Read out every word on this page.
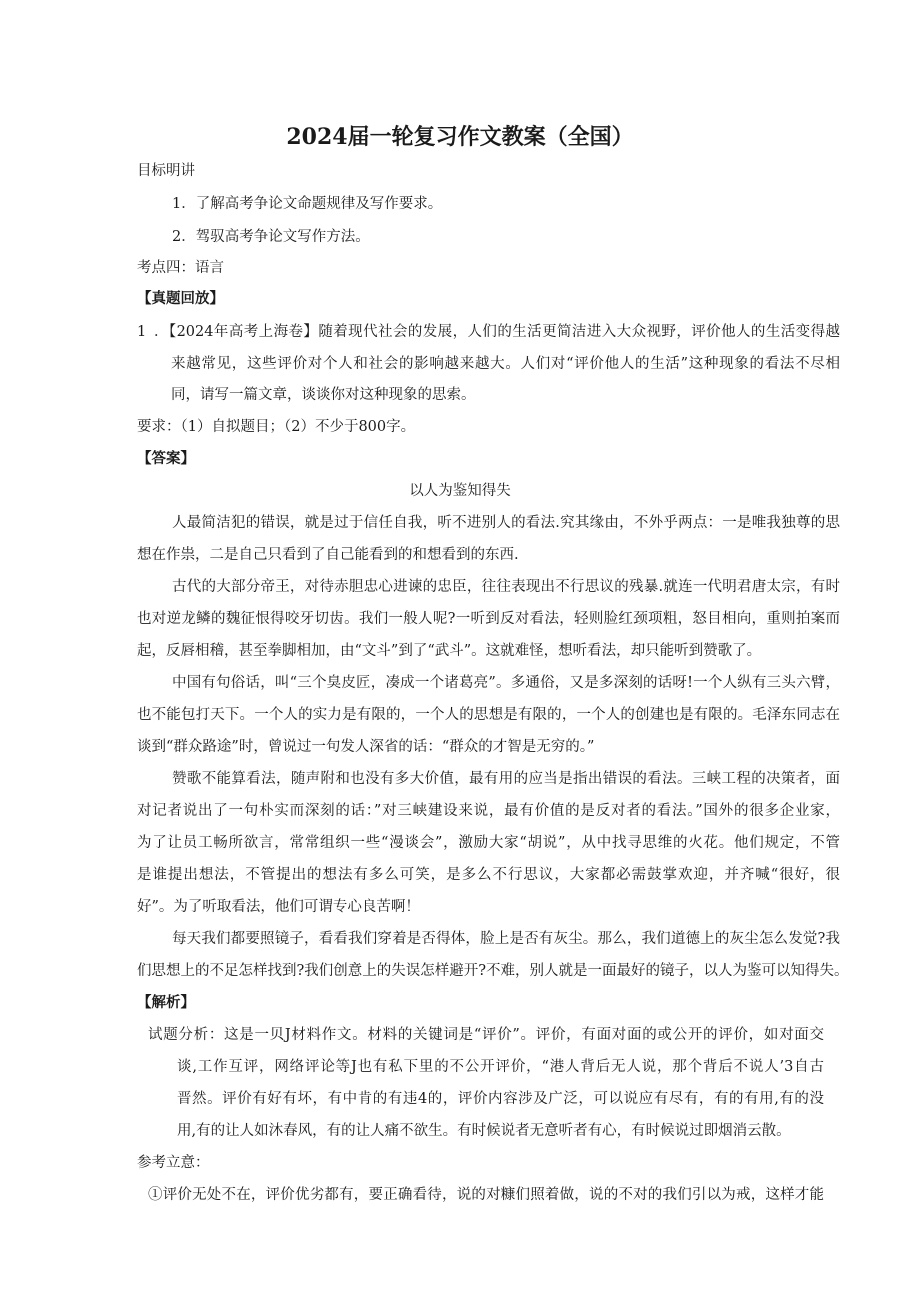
2024届一轮复习作文教案（全国）
目标明讲
1．了解高考争论文命题规律及写作要求。
2．驾驭高考争论文写作方法。
考点四：语言
【真题回放】
1 ．【2024年高考上海卷】随着现代社会的发展，人们的生活更简洁进入大众视野，评价他人的生活变得越
来越常见，这些评价对个人和社会的影响越来越大。人们对“评价他人的生活”这种现象的看法不尽相
同，请写一篇文章，谈谈你对这种现象的思索。
要求：（1）自拟题目；（2）不少于800字。
【答案】
以人为鉴知得失
人最简洁犯的错误，就是过于信任自我，听不进别人的看法.究其缘由，不外乎两点：一是唯我独尊的思
想在作祟，二是自己只看到了自己能看到的和想看到的东西.
古代的大部分帝王，对待赤胆忠心进谏的忠臣，往往表现出不行思议的残暴.就连一代明君唐太宗，有时
也对逆龙鳞的魏征恨得咬牙切齿。我们一般人呢?一听到反对看法，轻则脸红颈项粗，怒目相向，重则拍案而
起，反唇相稽，甚至拳脚相加，由“文斗”到了“武斗”。这就难怪，想听看法，却只能听到赞歌了。
中国有句俗话，叫“三个臭皮匠，凑成一个诸葛亮”。多通俗，又是多深刻的话呀!一个人纵有三头六臂，
也不能包打天下。一个人的实力是有限的，一个人的思想是有限的，一个人的创建也是有限的。毛泽东同志在
谈到“群众路途”时，曾说过一句发人深省的话：“群众的才智是无穷的。”
赞歌不能算看法，随声附和也没有多大价值，最有用的应当是指出错误的看法。三峡工程的决策者，面
对记者说出了一句朴实而深刻的话：”对三峡建设来说，最有价值的是反对者的看法。”国外的很多企业家，
为了让员工畅所欲言，常常组织一些“漫谈会”，激励大家“胡说”，从中找寻思维的火花。他们规定，不管
是谁提出想法，不管提出的想法有多么可笑，是多么不行思议，大家都必需鼓掌欢迎，并齐喊“很好，很
好”。为了听取看法，他们可谓专心良苦啊！
每天我们都要照镜子，看看我们穿着是否得体，脸上是否有灰尘。那么，我们道德上的灰尘怎么发觉?我
们思想上的不足怎样找到?我们创意上的失误怎样避开?不难，别人就是一面最好的镜子，以人为鉴可以知得失。
【解析】
试题分析：这是一贝J材料作文。材料的关键词是“评价”。评价，有面对面的或公开的评价，如对面交
谈,工作互评，网络评论等J也有私下里的不公开评价，“港人背后无人说，那个背后不说人’3自古
晋然。评价有好有坏，有中肯的有违4的，评价内容涉及广泛，可以说应有尽有，有的有用,有的没
用,有的让人如沐春风，有的让人痛不欲生。有时候说者无意听者有心，有时候说过即烟消云散。
参考立意：
①评价无处不在，评价优劣都有，要正确看待，说的对糠们照着做，说的不对的我们引以为戒，这样才能
